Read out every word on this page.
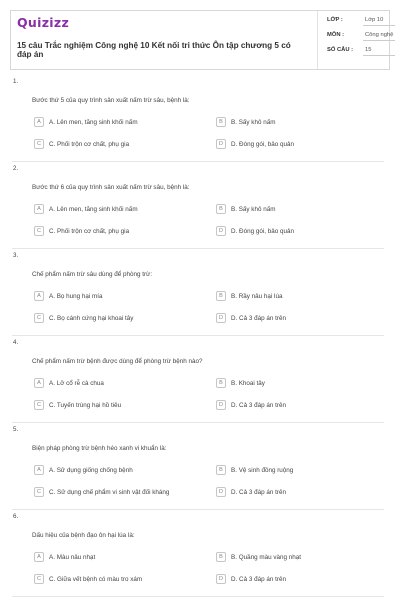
Quizizz
15 câu Trắc nghiệm Công nghệ 10 Kết nối tri thức Ôn tập chương 5 có đáp án
LỚP :	Lớp 10
MÔN :	Công nghệ
SỐ CÂU :	15
1.
Bước thứ 5 của quy trình sản xuất nấm trừ sâu, bệnh là:
A	A. Lên men, tăng sinh khối nấm	B	B. Sấy khô nấm
C	C. Phối trộn cơ chất, phụ gia	D	D. Đóng gói, bảo quản
2.
Bước thứ 6 của quy trình sản xuất nấm trừ sâu, bệnh là:
A	A. Lên men, tăng sinh khối nấm	B	B. Sấy khô nấm
C	C. Phối trộn cơ chất, phụ gia	D	D. Đóng gói, bảo quản
3.
Chế phẩm nấm trừ sâu dùng để phòng trừ:
A	A. Bọ hung hại mía	B	B. Rầy nâu hại lúa
C	C. Bọ cánh cứng hại khoai tây	D	D. Cả 3 đáp án trên
4.
Chế phẩm nấm trừ bệnh được dùng để phòng trừ bệnh nào?
A	A. Lở cổ rễ cà chua	B	B. Khoai tây
C	C. Tuyến trùng hại hồ tiêu	D	D. Cả 3 đáp án trên
5.
Biện pháp phòng trừ bệnh héo xanh vi khuẩn là:
A	A. Sử dụng giống chống bệnh	B	B. Vệ sinh đồng ruộng
C	C. Sử dụng chế phẩm vi sinh vật đối kháng	D	D. Cả 3 đáp án trên
6.
Dấu hiệu của bệnh đạo ôn hại lúa là:
A	A. Màu nâu nhạt	B	B. Quầng màu vàng nhạt
C	C. Giữa vết bệnh có màu tro xám	D	D. Cả 3 đáp án trên
